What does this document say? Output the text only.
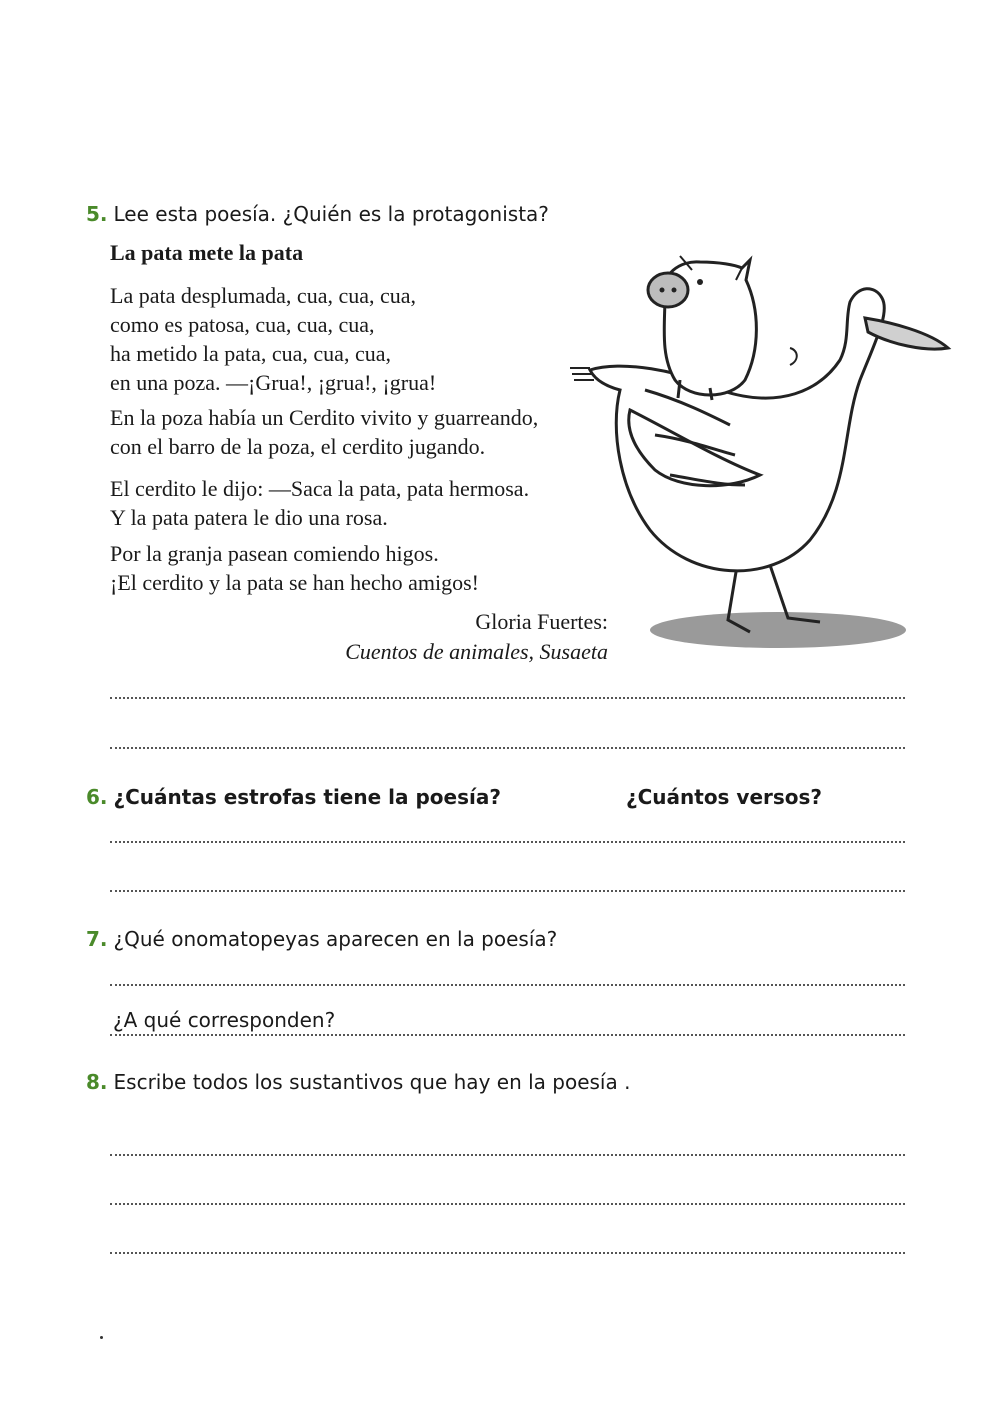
5. Lee esta poesía. ¿Quién es la protagonista?
La pata mete la pata
La pata desplumada, cua, cua, cua,
como es patosa, cua, cua, cua,
ha metido la pata, cua, cua, cua,
en una poza. —¡Grua!, ¡grua!, ¡grua!
En la poza había un Cerdito vivito y guarreando,
con el barro de la poza, el cerdito jugando.
El cerdito le dijo: —Saca la pata, pata hermosa.
Y la pata patera le dio una rosa.
Por la granja pasean comiendo higos.
¡El cerdito y la pata se han hecho amigos!
Gloria Fuertes:
Cuentos de animales, Susaeta
6. ¿Cuántas estrofas tiene la poesía?	¿Cuántos versos?
7. ¿Qué onomatopeyas aparecen en la poesía?
¿A qué corresponden?
8. Escribe todos los sustantivos que hay en la poesía .
